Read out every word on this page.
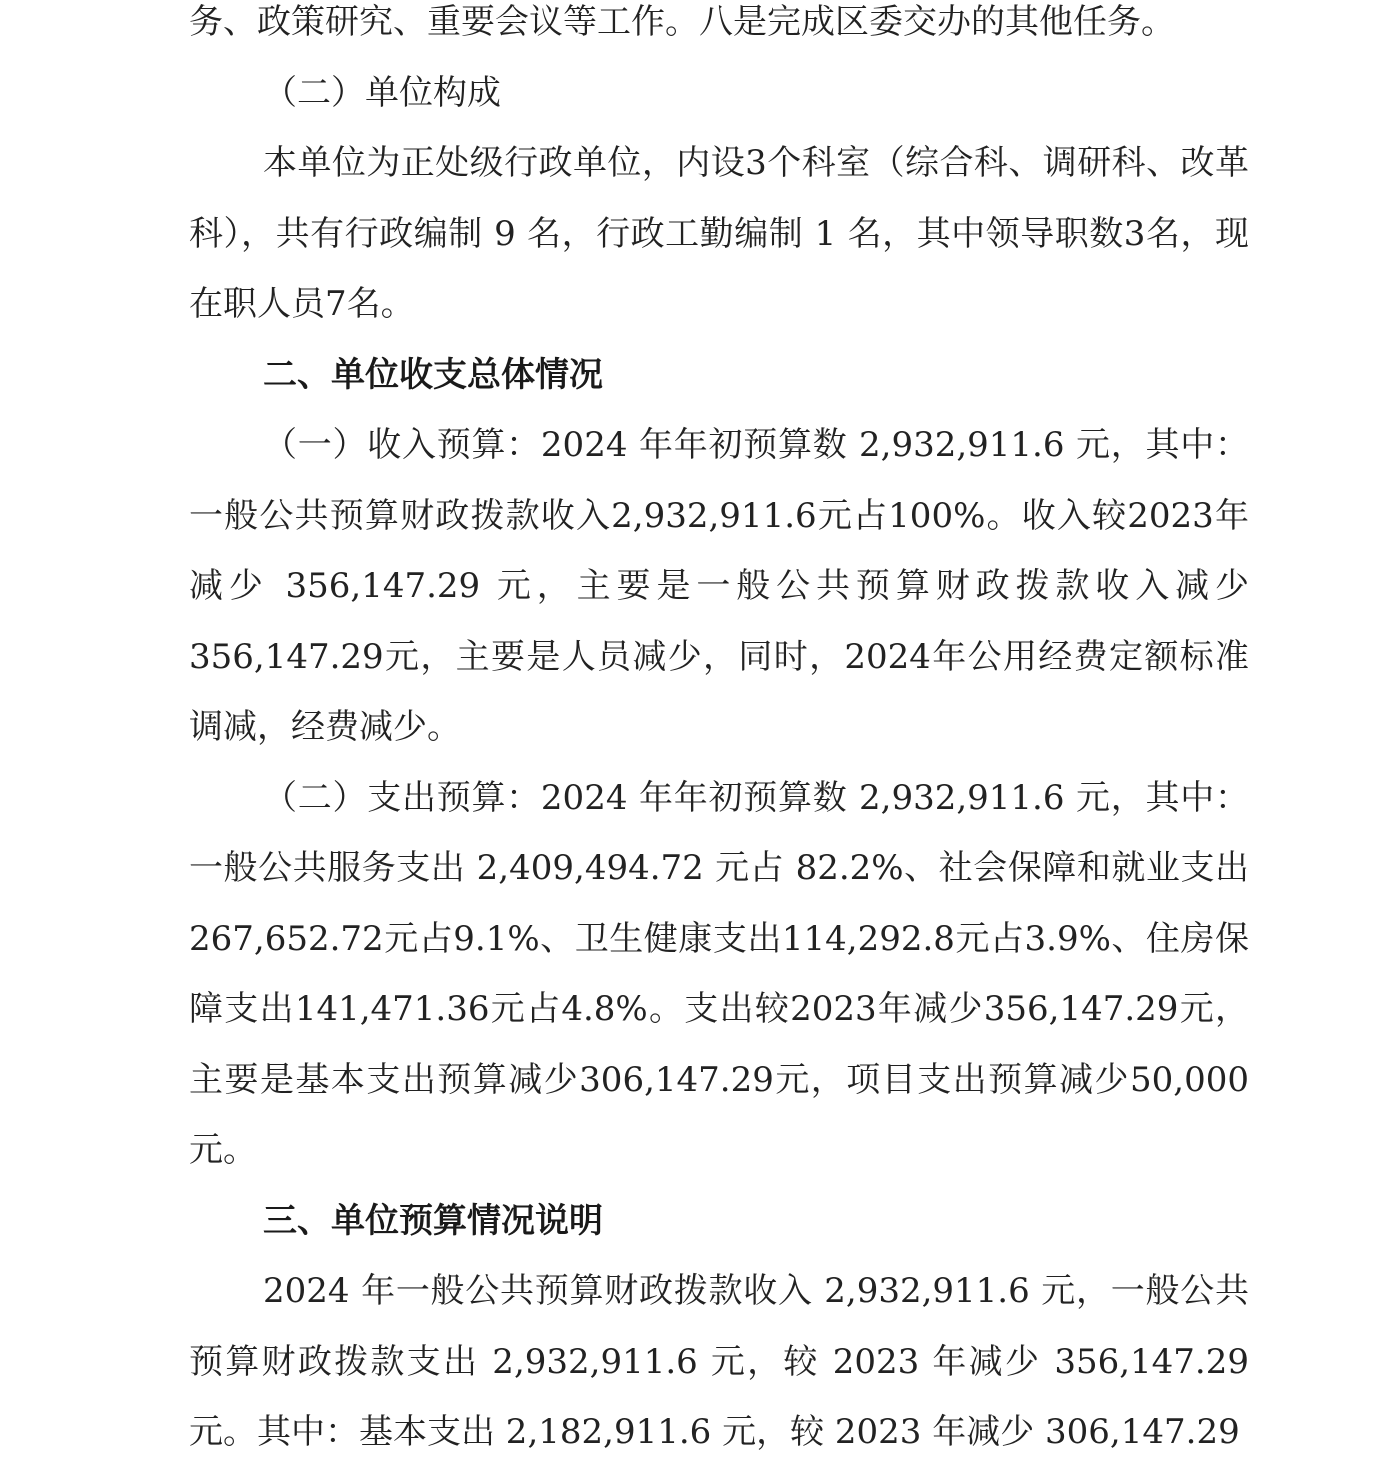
务、政策研究、重要会议等工作。八是完成区委交办的其他任务。

（二）单位构成

本单位为正处级行政单位，内设3个科室（综合科、调研科、改革科），共有行政编制 9 名，行政工勤编制 1 名，其中领导职数3名，现在职人员7名。

二、单位收支总体情况

（一）收入预算：2024 年年初预算数 2,932,911.6 元，其中：一般公共预算财政拨款收入2,932,911.6元占100%。收入较2023年减少 356,147.29 元，主要是一般公共预算财政拨款收入减少356,147.29元，主要是人员减少，同时，2024年公用经费定额标准调减，经费减少。

（二）支出预算：2024 年年初预算数 2,932,911.6 元，其中：一般公共服务支出 2,409,494.72 元占 82.2%、社会保障和就业支出267,652.72元占9.1%、卫生健康支出114,292.8元占3.9%、住房保障支出141,471.36元占4.8%。支出较2023年减少356,147.29元，主要是基本支出预算减少306,147.29元，项目支出预算减少50,000元。

三、单位预算情况说明

2024 年一般公共预算财政拨款收入 2,932,911.6 元，一般公共预算财政拨款支出 2,932,911.6 元，较 2023 年减少 356,147.29 元。其中：基本支出 2,182,911.6 元，较 2023 年减少 306,147.29
